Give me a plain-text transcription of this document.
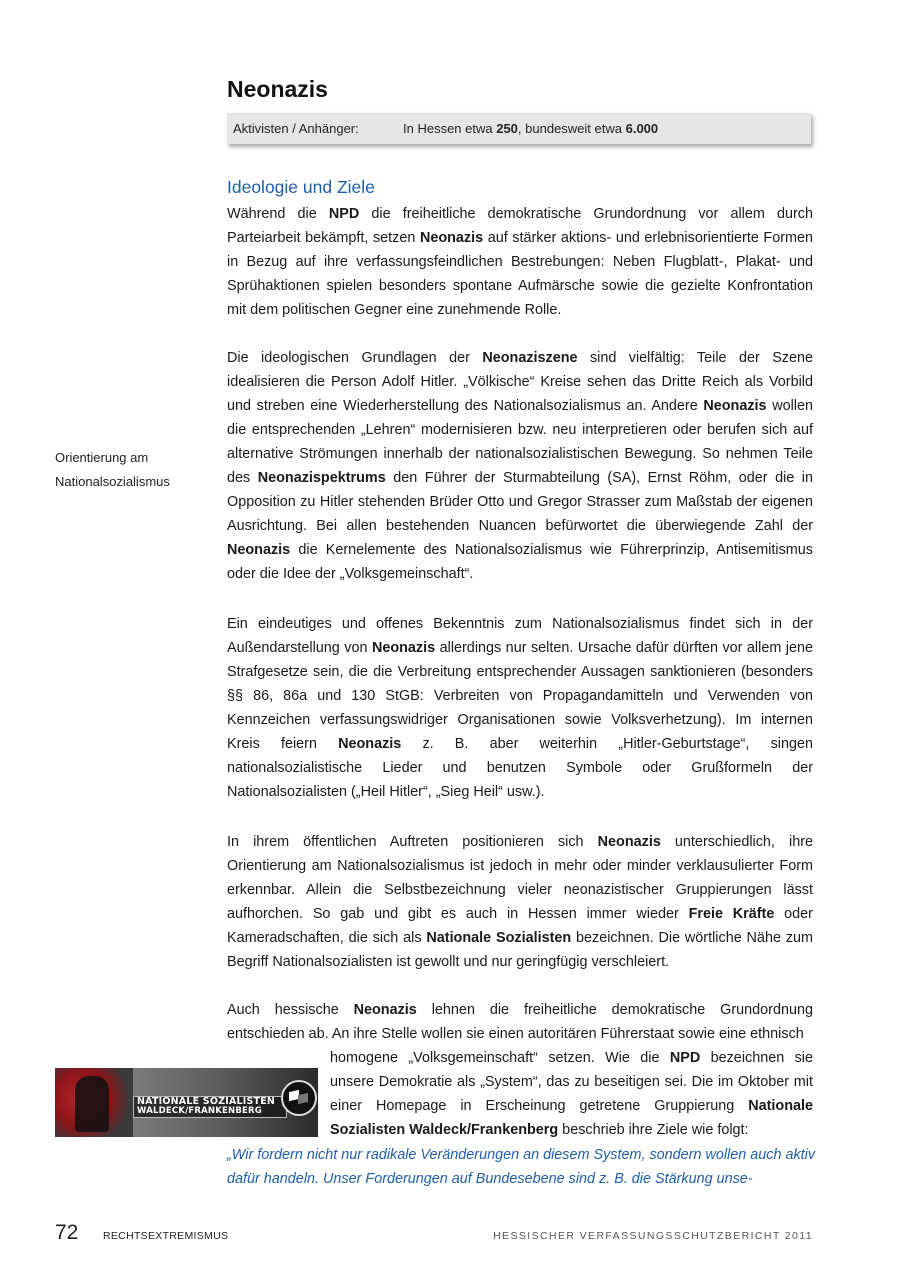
Neonazis
Aktivisten / Anhänger:	In Hessen etwa 250, bundesweit etwa 6.000
Ideologie und Ziele

Während die NPD die freiheitliche demokratische Grundordnung vor allem durch Parteiarbeit bekämpft, setzen Neonazis auf stärker aktions- und erlebnisorientierte Formen in Bezug auf ihre verfassungsfeindlichen Bestrebungen: Neben Flugblatt-, Plakat- und Sprühaktionen spielen besonders spontane Aufmärsche sowie die gezielte Konfrontation mit dem politischen Gegner eine zunehmende Rolle.

Die ideologischen Grundlagen der Neonaziszene sind vielfältig: Teile der Szene idealisieren die Person Adolf Hitler. „Völkische“ Kreise sehen das Dritte Reich als Vorbild und streben eine Wiederherstellung des Nationalsozialismus an. Andere Neonazis wollen die entsprechenden „Lehren“ modernisieren bzw. neu interpretieren oder berufen sich auf alternative Strömungen innerhalb der nationalsozialistischen Bewegung. So nehmen Teile des Neonazispektrums den Führer der Sturmabteilung (SA), Ernst Röhm, oder die in Opposition zu Hitler stehenden Brüder Otto und Gregor Strasser zum Maßstab der eigenen Ausrichtung. Bei allen bestehenden Nuancen befürwortet die überwiegende Zahl der Neonazis die Kernelemente des Nationalsozialismus wie Führerprinzip, Antisemitismus oder die Idee der „Volksgemeinschaft“.

Orientierung am
Nationalsozialismus

Ein eindeutiges und offenes Bekenntnis zum Nationalsozialismus findet sich in der Außendarstellung von Neonazis allerdings nur selten. Ursache dafür dürften vor allem jene Strafgesetze sein, die die Verbreitung entsprechender Aussagen sanktionieren (besonders §§ 86, 86a und 130 StGB: Verbreiten von Propagandamitteln und Verwenden von Kennzeichen verfassungswidriger Organisationen sowie Volksverhetzung). Im internen Kreis feiern Neonazis z. B. aber weiterhin „Hitler-Geburtstage“, singen nationalsozialistische Lieder und benutzen Symbole oder Grußformeln der Nationalsozialisten („Heil Hitler“, „Sieg Heil“ usw.).

In ihrem öffentlichen Auftreten positionieren sich Neonazis unterschiedlich, ihre Orientierung am Nationalsozialismus ist jedoch in mehr oder minder verklausulierter Form erkennbar. Allein die Selbstbezeichnung vieler neonazistischer Gruppierungen lässt aufhorchen. So gab und gibt es auch in Hessen immer wieder Freie Kräfte oder Kameradschaften, die sich als Nationale Sozialisten bezeichnen. Die wörtliche Nähe zum Begriff Nationalsozialisten ist gewollt und nur geringfügig verschleiert.

Auch hessische Neonazis lehnen die freiheitliche demokratische Grundordnung entschieden ab. An ihre Stelle wollen sie einen autoritären Führerstaat sowie eine ethnisch

NATIONALE SOZIALISTEN
WALDECK/FRANKENBERG

homogene „Volksgemeinschaft“ setzen. Wie die NPD bezeichnen sie unsere Demokratie als „System“, das zu beseitigen sei. Die im Oktober mit einer Homepage in Erscheinung getretene Gruppierung Nationale Sozialisten Waldeck/Frankenberg beschrieb ihre Ziele wie folgt:

„Wir fordern nicht nur radikale Veränderungen an diesem System, sondern wollen auch aktiv dafür handeln. Unser Forderungen auf Bundesebene sind z. B. die Stärkung unse-

72 RECHTSEXTREMISMUS	HESSISCHER VERFASSUNGSSCHUTZBERICHT 2011
